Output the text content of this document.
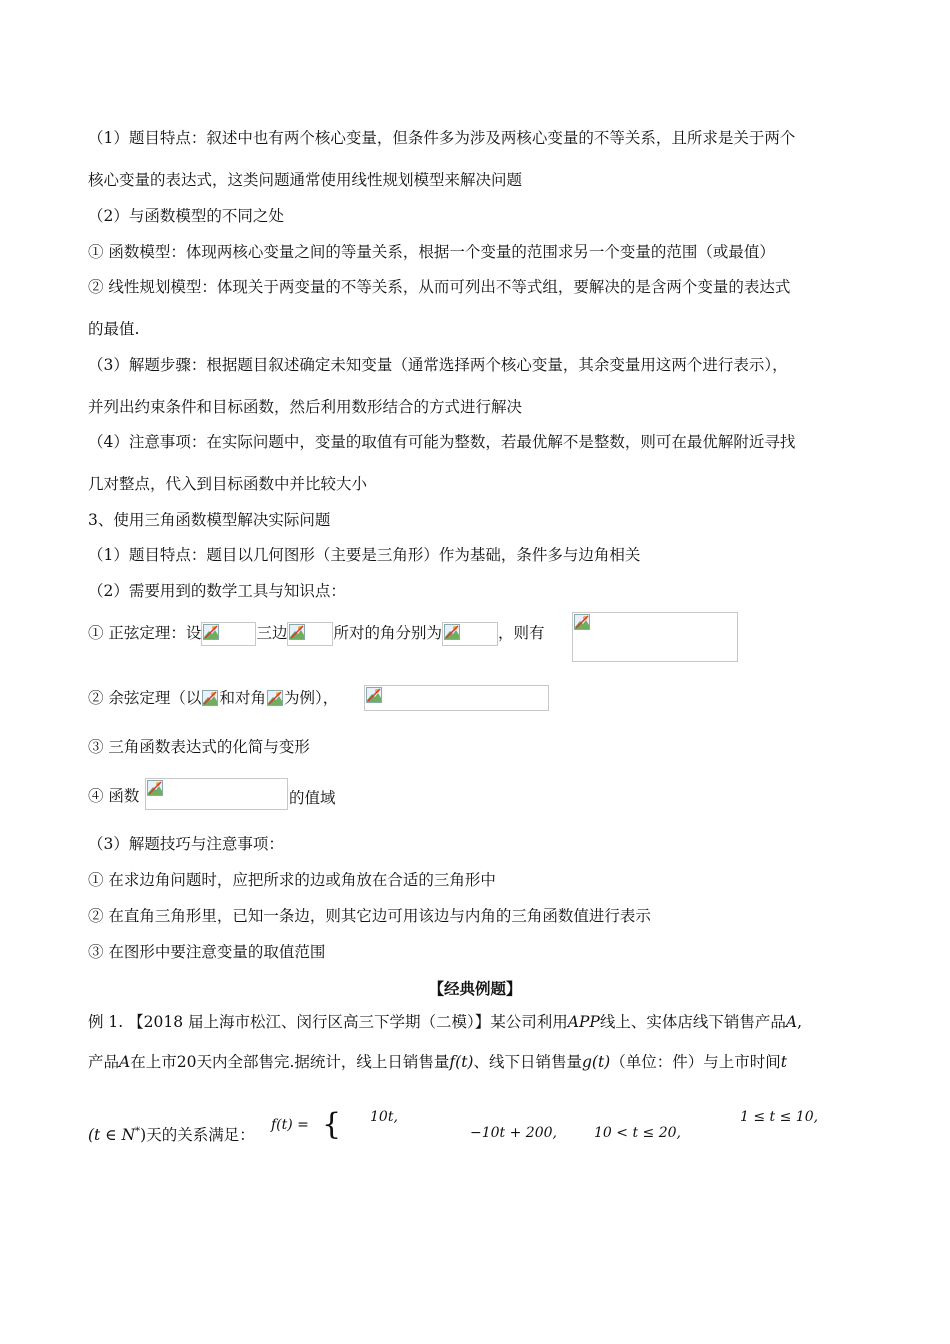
（1）题目特点：叙述中也有两个核心变量，但条件多为涉及两核心变量的不等关系，且所求是关于两个
核心变量的表达式，这类问题通常使用线性规划模型来解决问题
（2）与函数模型的不同之处
① 函数模型：体现两核心变量之间的等量关系，根据一个变量的范围求另一个变量的范围（或最值）
② 线性规划模型：体现关于两变量的不等关系，从而可列出不等式组，要解决的是含两个变量的表达式
的最值.
（3）解题步骤：根据题目叙述确定未知变量（通常选择两个核心变量，其余变量用这两个进行表示），
并列出约束条件和目标函数，然后利用数形结合的方式进行解决
（4）注意事项：在实际问题中，变量的取值有可能为整数，若最优解不是整数，则可在最优解附近寻找
几对整点，代入到目标函数中并比较大小
3、使用三角函数模型解决实际问题
（1）题目特点：题目以几何图形（主要是三角形）作为基础，条件多与边角相关
（2）需要用到的数学工具与知识点：
① 正弦定理：设	三边	所对的角分别为	，则有
② 余弦定理（以 和对角 为例），
③ 三角函数表达式的化简与变形
④ 函数	的值域
（3）解题技巧与注意事项：
① 在求边角问题时，应把所求的边或角放在合适的三角形中
② 在直角三角形里，已知一条边，则其它边可用该边与内角的三角函数值进行表示
③ 在图形中要注意变量的取值范围
【经典例题】
例 1. 【2018 届上海市松江、闵行区高三下学期（二模）】某公司利用APP线上、实体店线下销售产品A,
产品A在上市20天内全部售完.据统计，线上日销售量f(t)、线下日销售量g(t)（单位：件）与上市时间t
(t ∈ N*)天的关系满足：
f(t) = { 10t,	1 ≤ t ≤ 10,
−10t + 200,	10 < t ≤ 20,
